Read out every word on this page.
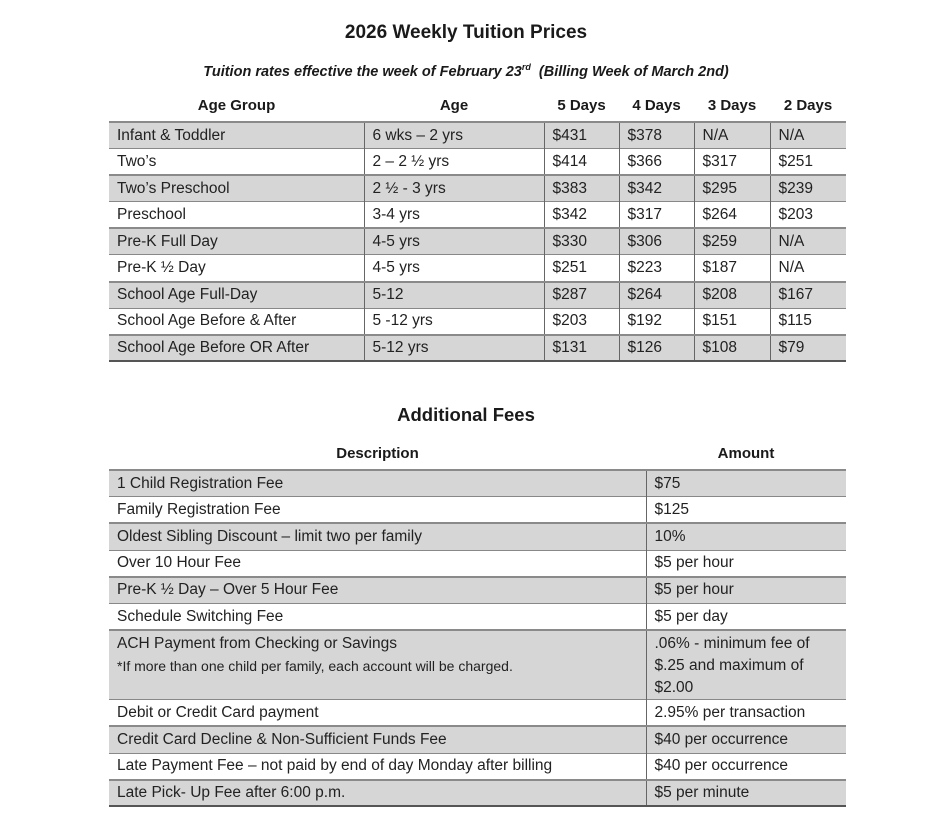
2026 Weekly Tuition Prices
Tuition rates effective the week of February 23rd (Billing Week of March 2nd)
Age Group	Age	5 Days	4 Days	3 Days	2 Days
Infant & Toddler	6 wks – 2 yrs	$431	$378	N/A	N/A
Two’s	2 – 2 ½ yrs	$414	$366	$317	$251
Two’s Preschool	2 ½ - 3 yrs	$383	$342	$295	$239
Preschool	3-4 yrs	$342	$317	$264	$203
Pre-K Full Day	4-5 yrs	$330	$306	$259	N/A
Pre-K ½ Day	4-5 yrs	$251	$223	$187	N/A
School Age Full-Day	5-12	$287	$264	$208	$167
School Age Before & After	5 -12 yrs	$203	$192	$151	$115
School Age Before OR After	5-12 yrs	$131	$126	$108	$79
Additional Fees
Description	Amount
1 Child Registration Fee	$75
Family Registration Fee	$125
Oldest Sibling Discount – limit two per family	10%
Over 10 Hour Fee	$5 per hour
Pre-K ½ Day – Over 5 Hour Fee	$5 per hour
Schedule Switching Fee	$5 per day
ACH Payment from Checking or Savings
*If more than one child per family, each account will be charged.	.06% - minimum fee of $.25 and maximum of $2.00
Debit or Credit Card payment	2.95% per transaction
Credit Card Decline & Non-Sufficient Funds Fee	$40 per occurrence
Late Payment Fee – not paid by end of day Monday after billing	$40 per occurrence
Late Pick- Up Fee after 6:00 p.m.	$5 per minute
